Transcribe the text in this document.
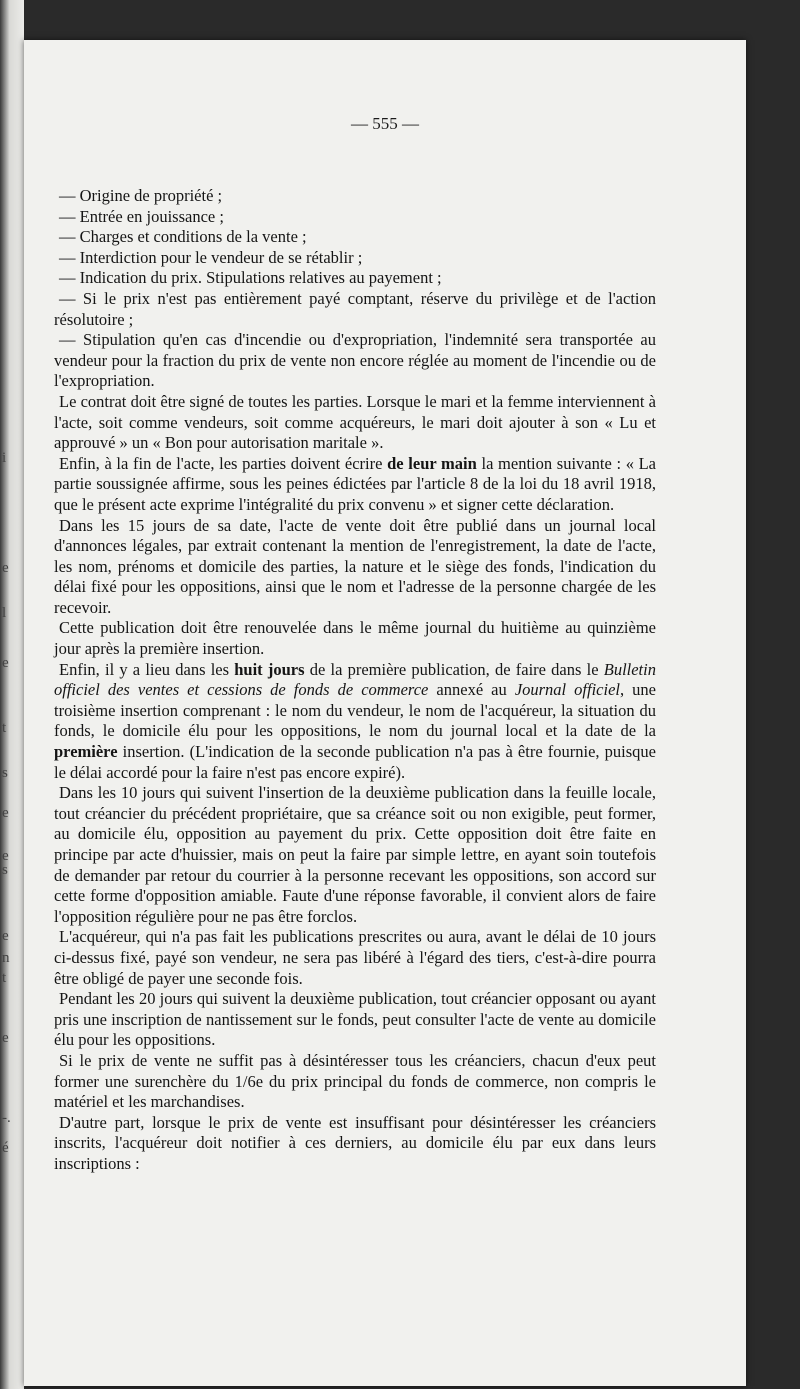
i
e
l
e
t
s
e
e
s
e
n
t
e
-.
é
— 555 —

— Origine de propriété ;

— Entrée en jouissance ;

— Charges et conditions de la vente ;

— Interdiction pour le vendeur de se rétablir ;

— Indication du prix. Stipulations relatives au payement ;

— Si le prix n'est pas entièrement payé comptant, réserve du privilège et de l'action résolutoire ;

— Stipulation qu'en cas d'incendie ou d'expropriation, l'indemnité sera transportée au vendeur pour la fraction du prix de vente non encore réglée au moment de l'incendie ou de l'expropriation.

Le contrat doit être signé de toutes les parties. Lorsque le mari et la femme interviennent à l'acte, soit comme vendeurs, soit comme acquéreurs, le mari doit ajouter à son « Lu et approuvé » un « Bon pour autorisation maritale ».

Enfin, à la fin de l'acte, les parties doivent écrire de leur main la mention suivante : « La partie soussignée affirme, sous les peines édictées par l'article 8 de la loi du 18 avril 1918, que le présent acte exprime l'intégralité du prix convenu » et signer cette déclaration.

Dans les 15 jours de sa date, l'acte de vente doit être publié dans un journal local d'annonces légales, par extrait contenant la mention de l'enregistrement, la date de l'acte, les nom, prénoms et domicile des parties, la nature et le siège des fonds, l'indication du délai fixé pour les oppositions, ainsi que le nom et l'adresse de la personne chargée de les recevoir.

Cette publication doit être renouvelée dans le même journal du huitième au quinzième jour après la première insertion.

Enfin, il y a lieu dans les huit jours de la première publication, de faire dans le Bulletin officiel des ventes et cessions de fonds de commerce annexé au Journal officiel, une troisième insertion comprenant : le nom du vendeur, le nom de l'acquéreur, la situation du fonds, le domicile élu pour les oppositions, le nom du journal local et la date de la première insertion. (L'indication de la seconde publication n'a pas à être fournie, puisque le délai accordé pour la faire n'est pas encore expiré).

Dans les 10 jours qui suivent l'insertion de la deuxième publication dans la feuille locale, tout créancier du précédent propriétaire, que sa créance soit ou non exigible, peut former, au domicile élu, opposition au payement du prix. Cette opposition doit être faite en principe par acte d'huissier, mais on peut la faire par simple lettre, en ayant soin toutefois de demander par retour du courrier à la personne recevant les oppositions, son accord sur cette forme d'opposition amiable. Faute d'une réponse favorable, il convient alors de faire l'opposition régulière pour ne pas être forclos.

L'acquéreur, qui n'a pas fait les publications prescrites ou aura, avant le délai de 10 jours ci-dessus fixé, payé son vendeur, ne sera pas libéré à l'égard des tiers, c'est-à-dire pourra être obligé de payer une seconde fois.

Pendant les 20 jours qui suivent la deuxième publication, tout créancier opposant ou ayant pris une inscription de nantissement sur le fonds, peut consulter l'acte de vente au domicile élu pour les oppositions.

Si le prix de vente ne suffit pas à désintéresser tous les créanciers, chacun d'eux peut former une surenchère du 1/6e du prix principal du fonds de commerce, non compris le matériel et les marchandises.

D'autre part, lorsque le prix de vente est insuffisant pour désintéresser les créanciers inscrits, l'acquéreur doit notifier à ces derniers, au domicile élu par eux dans leurs inscriptions :
